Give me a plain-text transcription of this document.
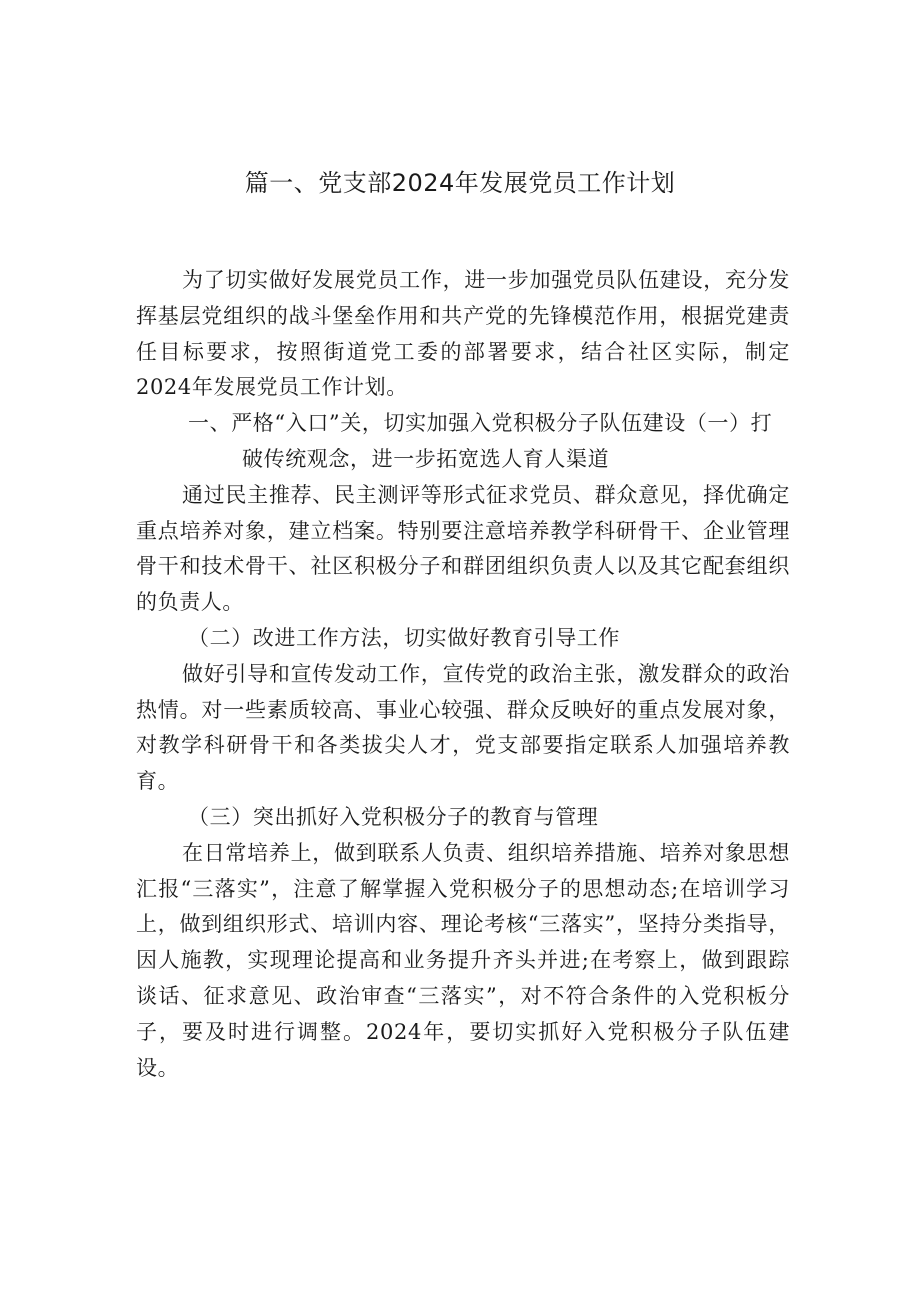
篇一、党支部2024年发展党员工作计划

为了切实做好发展党员工作，进一步加强党员队伍建设，充分发挥基层党组织的战斗堡垒作用和共产党的先锋模范作用，根据党建责任目标要求，按照街道党工委的部署要求，结合社区实际，制定2024年发展党员工作计划。

一、严格“入口”关，切实加强入党积极分子队伍建设（一）打

破传统观念，进一步拓宽选人育人渠道

通过民主推荐、民主测评等形式征求党员、群众意见，择优确定重点培养对象，建立档案。特别要注意培养教学科研骨干、企业管理骨干和技术骨干、社区积极分子和群团组织负责人以及其它配套组织的负责人。

（二）改进工作方法，切实做好教育引导工作

做好引导和宣传发动工作，宣传党的政治主张，激发群众的政治热情。对一些素质较高、事业心较强、群众反映好的重点发展对象，对教学科研骨干和各类拔尖人才，党支部要指定联系人加强培养教育。

（三）突出抓好入党积极分子的教育与管理

在日常培养上，做到联系人负责、组织培养措施、培养对象思想汇报“三落实”，注意了解掌握入党积极分子的思想动态;在培训学习上，做到组织形式、培训内容、理论考核“三落实”，坚持分类指导，因人施教，实现理论提高和业务提升齐头并进;在考察上，做到跟踪谈话、征求意见、政治审查“三落实”，对不符合条件的入党积板分子，要及时进行调整。2024年，要切实抓好入党积极分子队伍建设。
